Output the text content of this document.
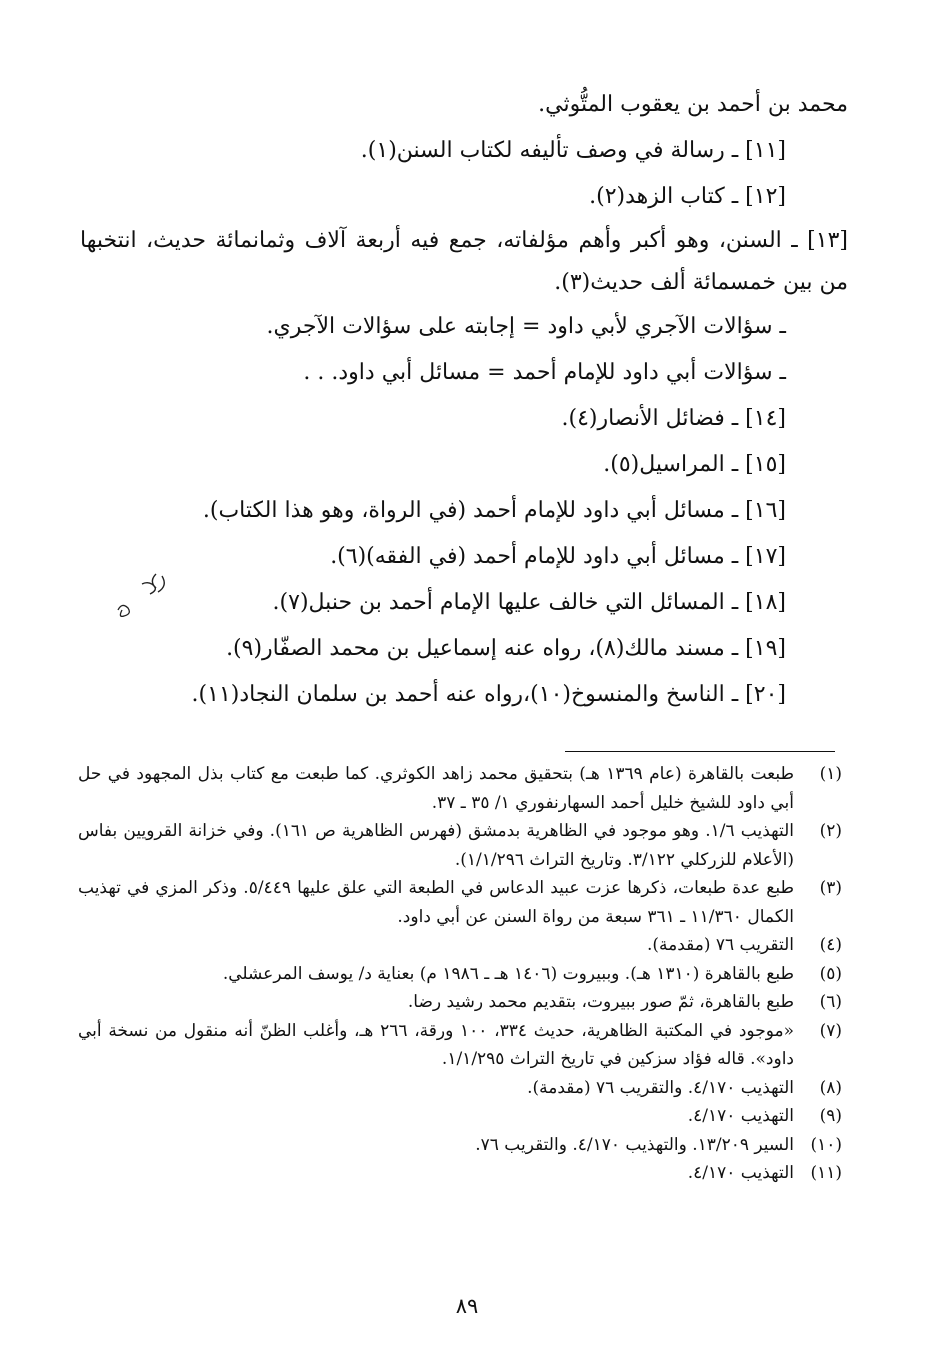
محمد بن أحمد بن يعقوب المتُّوثي.

[١١] ـ رسالة في وصف تأليفه لكتاب السنن(١).

[١٢] ـ كتاب الزهد(٢).

[١٣] ـ السنن، وهو أكبر وأهم مؤلفاته، جمع فيه أربعة آلاف وثمانمائة حديث، انتخبها من بين خمسمائة ألف حديث(٣).

ـ سؤالات الآجري لأبي داود = إجابته على سؤالات الآجري.

ـ سؤالات أبي داود للإمام أحمد = مسائل أبي داود. . .

[١٤] ـ فضائل الأنصار(٤).

[١٥] ـ المراسيل(٥).

[١٦] ـ مسائل أبي داود للإمام أحمد (في الرواة، وهو هذا الكتاب).

[١٧] ـ مسائل أبي داود للإمام أحمد (في الفقه)(٦).

[١٨] ـ المسائل التي خالف عليها الإمام أحمد بن حنبل(٧).

[١٩] ـ مسند مالك(٨)، رواه عنه إسماعيل بن محمد الصفّار(٩).

[٢٠] ـ الناسخ والمنسوخ(١٠)،رواه عنه أحمد بن سلمان النجاد(١١).

(١)
طبعت بالقاهرة (عام ١٣٦٩ هـ) بتحقيق محمد زاهد الكوثري. كما طبعت مع كتاب بذل المجهود في حل أبي داود للشيخ خليل أحمد السهارنفوري ١/ ٣٥ ـ ٣٧.
(٢)
التهذيب ١/٦. وهو موجود في الظاهرية بدمشق (فهرس الظاهرية ص ١٦١). وفي خزانة القرويين بفاس (الأعلام للزركلي ٣/١٢٢. وتاريخ التراث ١/١/٢٩٦).
(٣)
طبع عدة طبعات، ذكرها عزت عبيد الدعاس في الطبعة التي علق عليها ٥/٤٤٩. وذكر المزي في تهذيب الكمال ١١/٣٦٠ ـ ٣٦١ سبعة من رواة السنن عن أبي داود.
(٤)
التقريب ٧٦ (مقدمة).
(٥)
طبع بالقاهرة (١٣١٠ هـ). وببيروت (١٤٠٦ هـ ـ ١٩٨٦ م) بعناية د/ يوسف المرعشلي.
(٦)
طبع بالقاهرة، ثمّ صور ببيروت، بتقديم محمد رشيد رضا.
(٧)
«موجود في المكتبة الظاهرية، حديث ٣٣٤، ١٠٠ ورقة، ٢٦٦ هـ، وأغلب الظنّ أنه منقول من نسخة أبي داود». قاله فؤاد سزكين في تاريخ التراث ١/١/٢٩٥.
(٨)
التهذيب ٤/١٧٠. والتقريب ٧٦ (مقدمة).
(٩)
التهذيب ٤/١٧٠.
(١٠)
السير ١٣/٢٠٩. والتهذيب ٤/١٧٠. والتقريب ٧٦.
(١١)
التهذيب ٤/١٧٠.
٨٩
